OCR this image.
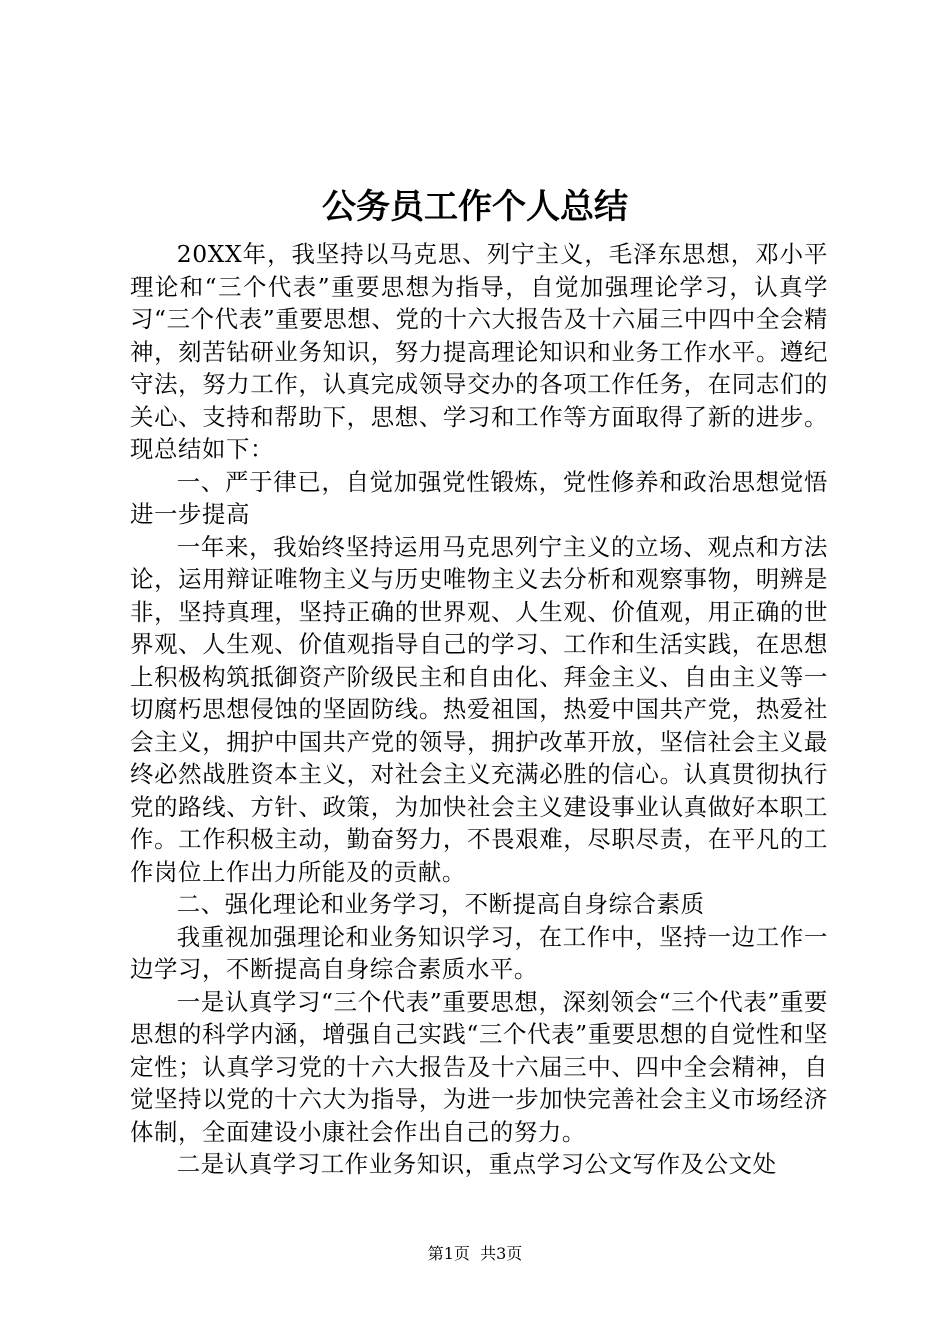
公务员工作个人总结

20XX年，我坚持以马克思、列宁主义，毛泽东思想，邓小平理论和“三个代表”重要思想为指导，自觉加强理论学习，认真学习“三个代表”重要思想、党的十六大报告及十六届三中四中全会精神，刻苦钻研业务知识，努力提高理论知识和业务工作水平。遵纪守法，努力工作，认真完成领导交办的各项工作任务，在同志们的关心、支持和帮助下，思想、学习和工作等方面取得了新的进步。现总结如下：

一、严于律已，自觉加强党性锻炼，党性修养和政治思想觉悟进一步提高

一年来，我始终坚持运用马克思列宁主义的立场、观点和方法论，运用辩证唯物主义与历史唯物主义去分析和观察事物，明辨是非，坚持真理，坚持正确的世界观、人生观、价值观，用正确的世界观、人生观、价值观指导自己的学习、工作和生活实践，在思想上积极构筑抵御资产阶级民主和自由化、拜金主义、自由主义等一切腐朽思想侵蚀的坚固防线。热爱祖国，热爱中国共产党，热爱社会主义，拥护中国共产党的领导，拥护改革开放，坚信社会主义最终必然战胜资本主义，对社会主义充满必胜的信心。认真贯彻执行党的路线、方针、政策，为加快社会主义建设事业认真做好本职工作。工作积极主动，勤奋努力，不畏艰难，尽职尽责，在平凡的工作岗位上作出力所能及的贡献。

二、强化理论和业务学习，不断提高自身综合素质

我重视加强理论和业务知识学习，在工作中，坚持一边工作一边学习，不断提高自身综合素质水平。

一是认真学习“三个代表”重要思想，深刻领会“三个代表”重要思想的科学内涵，增强自己实践“三个代表”重要思想的自觉性和坚定性；认真学习党的十六大报告及十六届三中、四中全会精神，自觉坚持以党的十六大为指导，为进一步加快完善社会主义市场经济体制，全面建设小康社会作出自己的努力。

二是认真学习工作业务知识，重点学习公文写作及公文处

第1页 共3页
